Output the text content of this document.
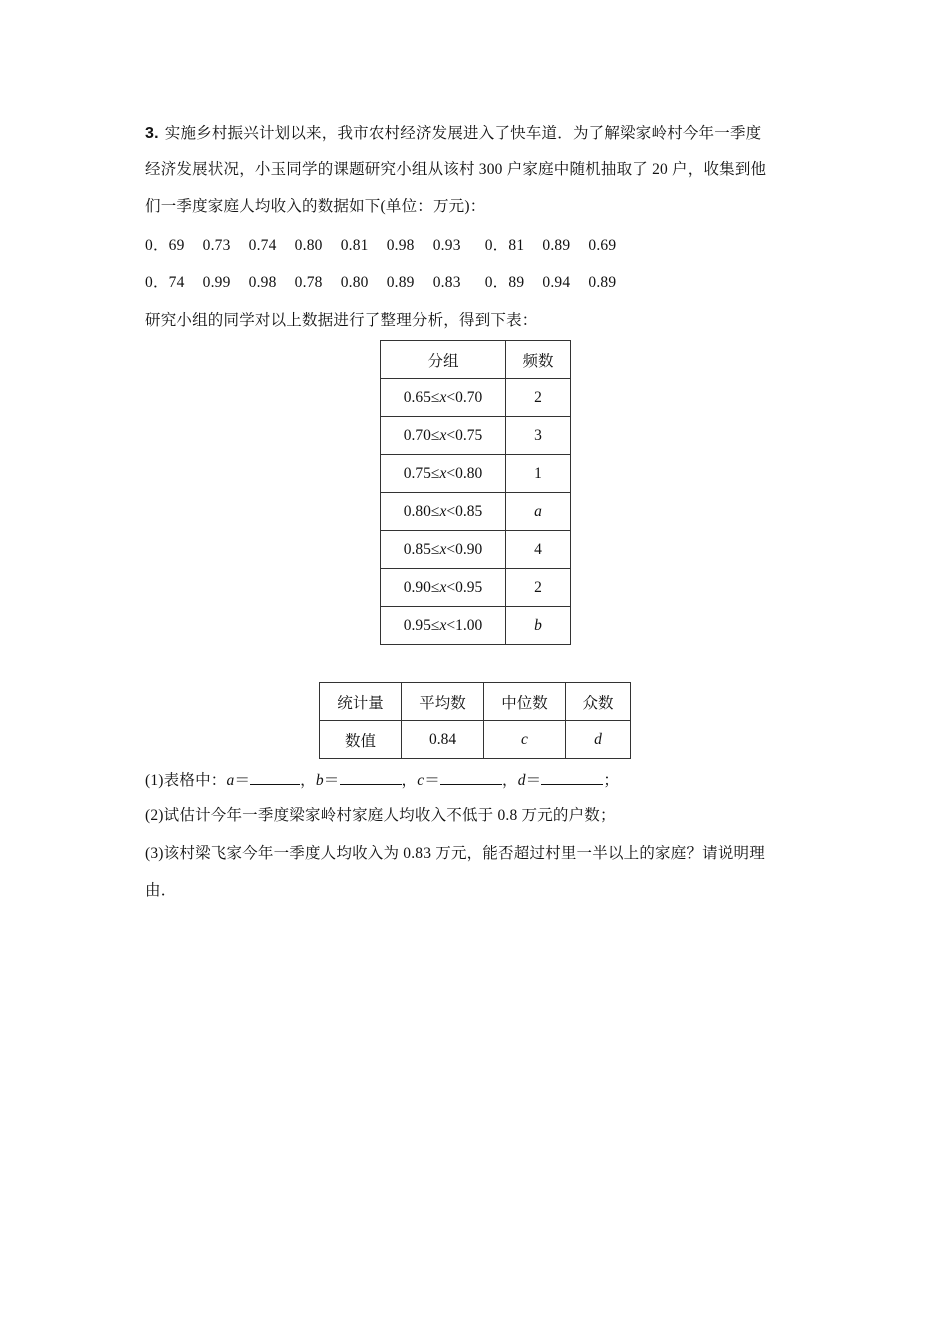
3. 实施乡村振兴计划以来，我市农村经济发展进入了快车道．为了解梁家岭村今年一季度
经济发展状况，小玉同学的课题研究小组从该村 300 户家庭中随机抽取了 20 户，收集到他
们一季度家庭人均收入的数据如下(单位：万元)：
0．69 0.73 0.74 0.80 0.81 0.98 0.93 0．81 0.89 0.69
0．74 0.99 0.98 0.78 0.80 0.89 0.83 0．89 0.94 0.89
研究小组的同学对以上数据进行了整理分析，得到下表：
分组	频数
0.65≤x<0.70	2
0.70≤x<0.75	3
0.75≤x<0.80	1
0.80≤x<0.85	a
0.85≤x<0.90	4
0.90≤x<0.95	2
0.95≤x<1.00	b
统计量	平均数	中位数	众数
数值	0.84	c	d
(1)表格中：a＝	，b＝	，c＝	，d＝	；
(2)试估计今年一季度梁家岭村家庭人均收入不低于 0.8 万元的户数；
(3)该村梁飞家今年一季度人均收入为 0.83 万元，能否超过村里一半以上的家庭？请说明理
由．
